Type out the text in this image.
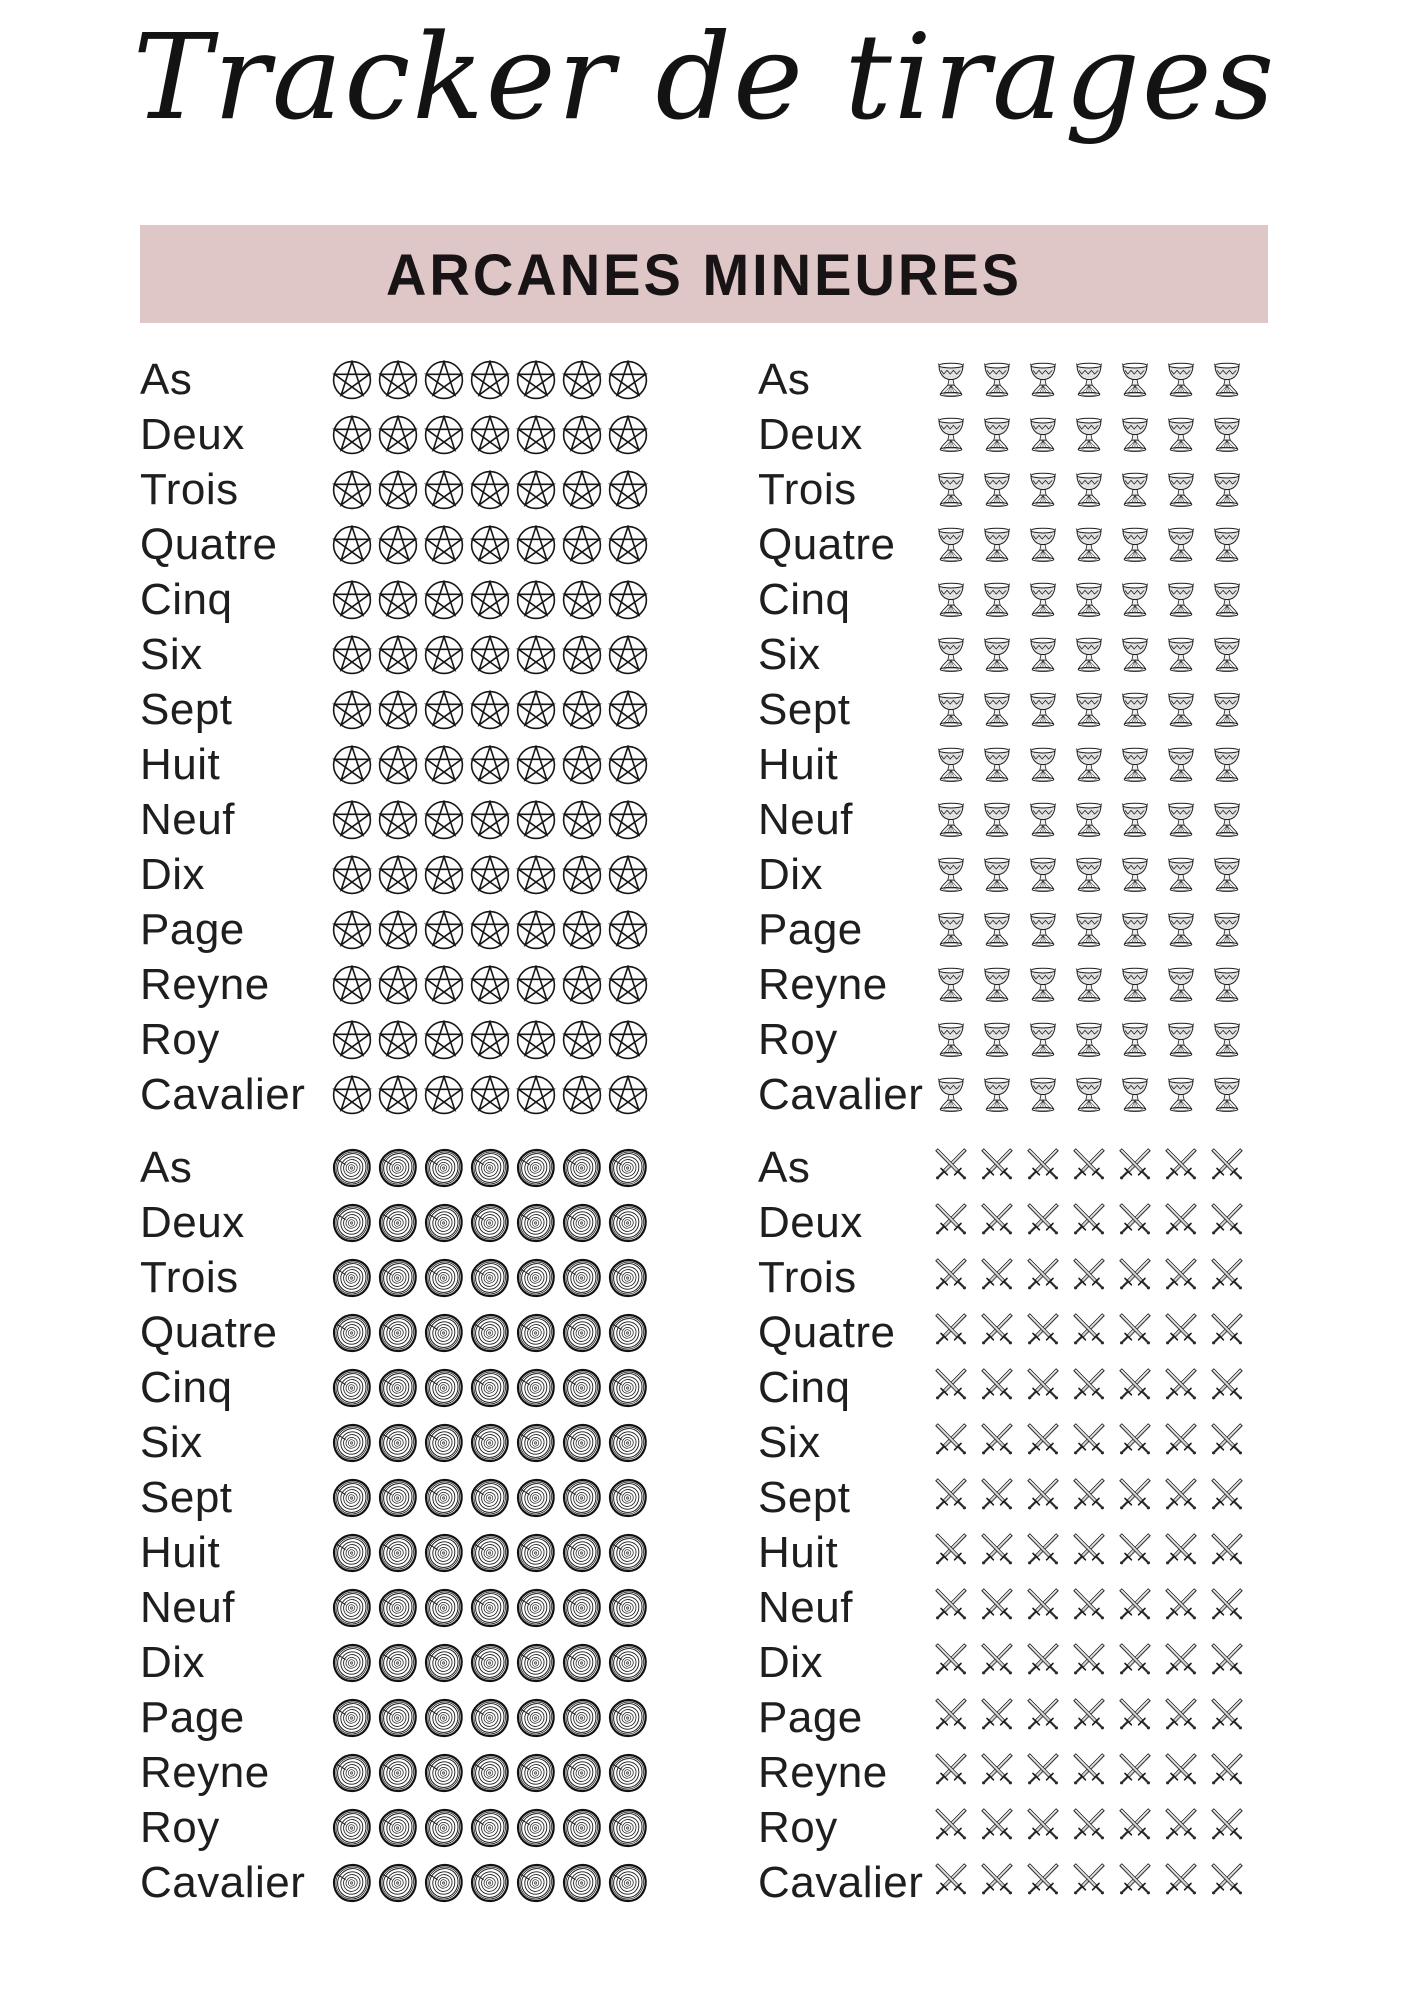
Tracker de tirages
ARCANES MINEURES
As
Deux
Trois
Quatre
Cinq
Six
Sept
Huit
Neuf
Dix
Page
Reyne
Roy
Cavalier
As
Deux
Trois
Quatre
Cinq
Six
Sept
Huit
Neuf
Dix
Page
Reyne
Roy
Cavalier
As
Deux
Trois
Quatre
Cinq
Six
Sept
Huit
Neuf
Dix
Page
Reyne
Roy
Cavalier
As
Deux
Trois
Quatre
Cinq
Six
Sept
Huit
Neuf
Dix
Page
Reyne
Roy
Cavalier
